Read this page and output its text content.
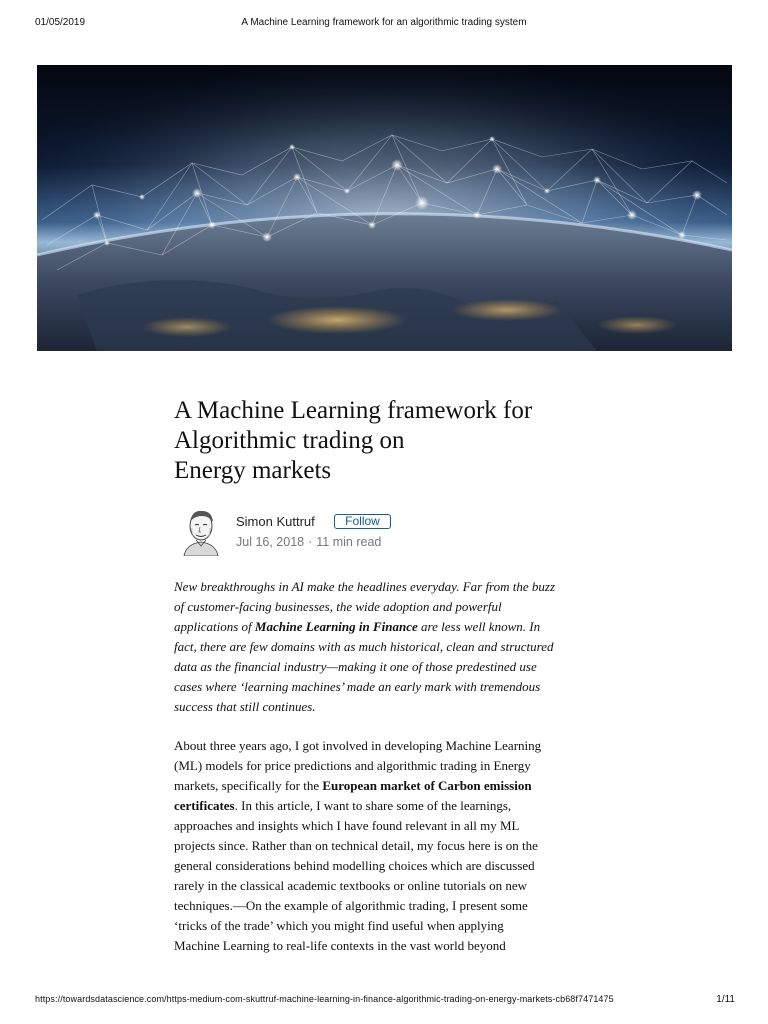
01/05/2019	A Machine Learning framework for an algorithmic trading system
A Machine Learning framework for
Algorithmic trading on
Energy markets
Simon Kuttruf	Follow
Jul 16, 2018 · 11 min read
New breakthroughs in AI make the headlines everyday. Far from the buzz
of customer-facing businesses, the wide adoption and powerful
applications of Machine Learning in Finance are less well known. In
fact, there are few domains with as much historical, clean and structured
data as the financial industry—making it one of those predestined use
cases where ‘learning machines’ made an early mark with tremendous
success that still continues.
About three years ago, I got involved in developing Machine Learning
(ML) models for price predictions and algorithmic trading in Energy
markets, specifically for the European market of Carbon emission
certificates. In this article, I want to share some of the learnings,
approaches and insights which I have found relevant in all my ML
projects since. Rather than on technical detail, my focus here is on the
general considerations behind modelling choices which are discussed
rarely in the classical academic textbooks or online tutorials on new
techniques.—On the example of algorithmic trading, I present some
‘tricks of the trade’ which you might find useful when applying
Machine Learning to real-life contexts in the vast world beyond
https://towardsdatascience.com/https-medium-com-skuttruf-machine-learning-in-finance-algorithmic-trading-on-energy-markets-cb68f7471475	1/11
